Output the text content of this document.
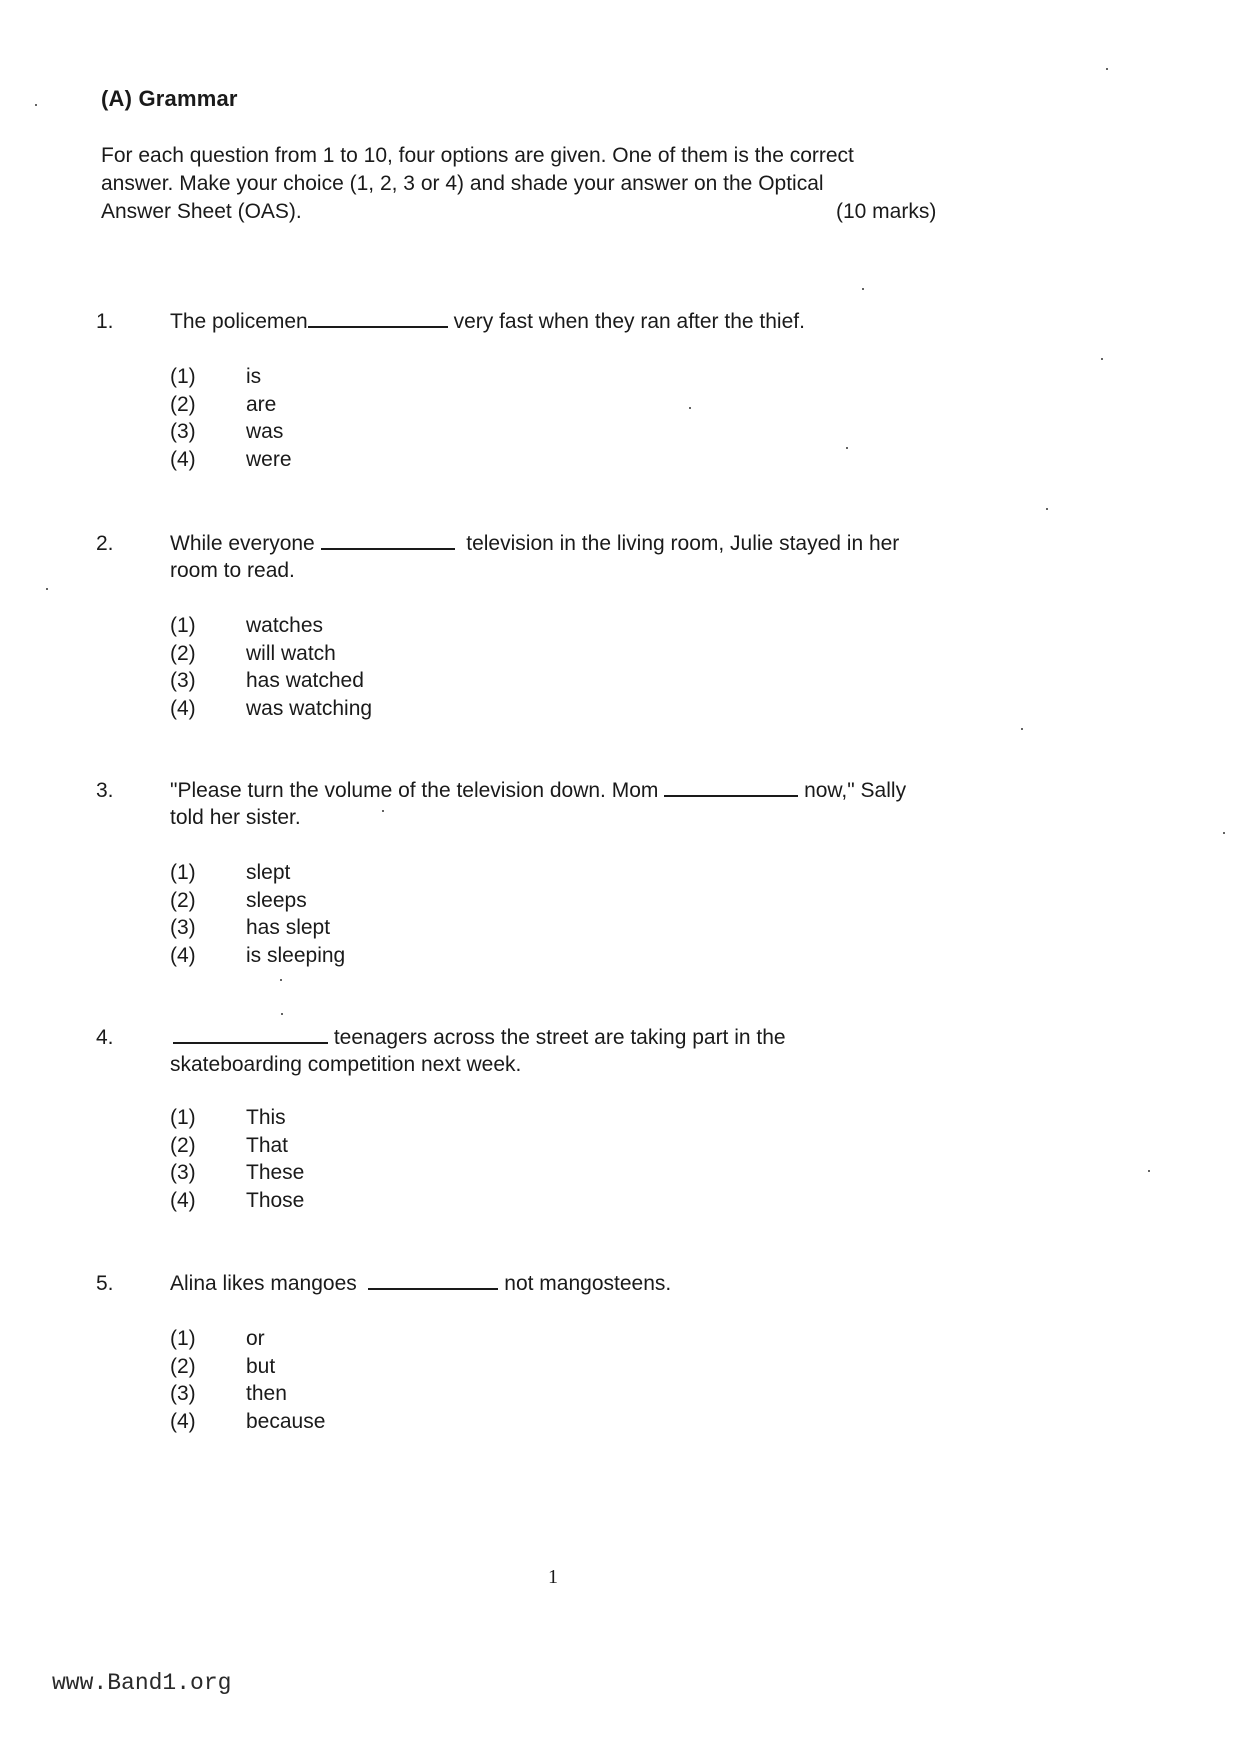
(A) Grammar
For each question from 1 to 10, four options are given. One of them is the correct
answer. Make your choice (1, 2, 3 or 4) and shade your answer on the Optical
Answer Sheet (OAS).	(10 marks)
1.	The policemen	very fast when they ran after the thief.
(1) is
(2) are
(3) was
(4) were
2.	While everyone	television in the living room, Julie stayed in her
room to read.
(1) watches
(2) will watch
(3) has watched
(4) was watching
3.	"Please turn the volume of the television down. Mom	now," Sally
told her sister.
(1) slept
(2) sleeps
(3) has slept
(4) is sleeping
4.	teenagers across the street are taking part in the
skateboarding competition next week.
(1) This
(2) That
(3) These
(4) Those
5.	Alina likes mangoes	not mangosteens.
(1) or
(2) but
(3) then
(4) because
1
www.Band1.org
